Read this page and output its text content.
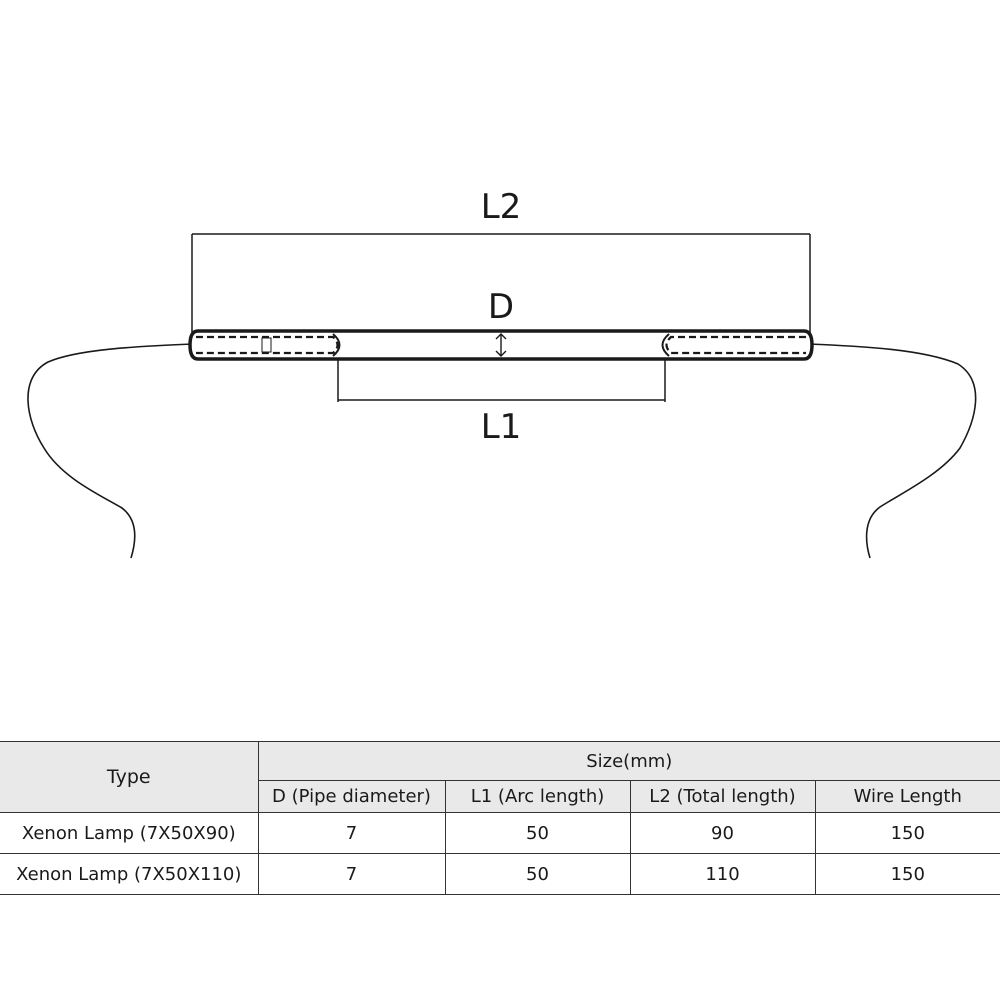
L2
D
L1
Type	Size(mm)			
	D (Pipe diameter)	L1 (Arc length)	L2 (Total length)	Wire Length
Xenon Lamp (7X50X90)	7	50	90	150
Xenon Lamp (7X50X110)	7	50	110	150
